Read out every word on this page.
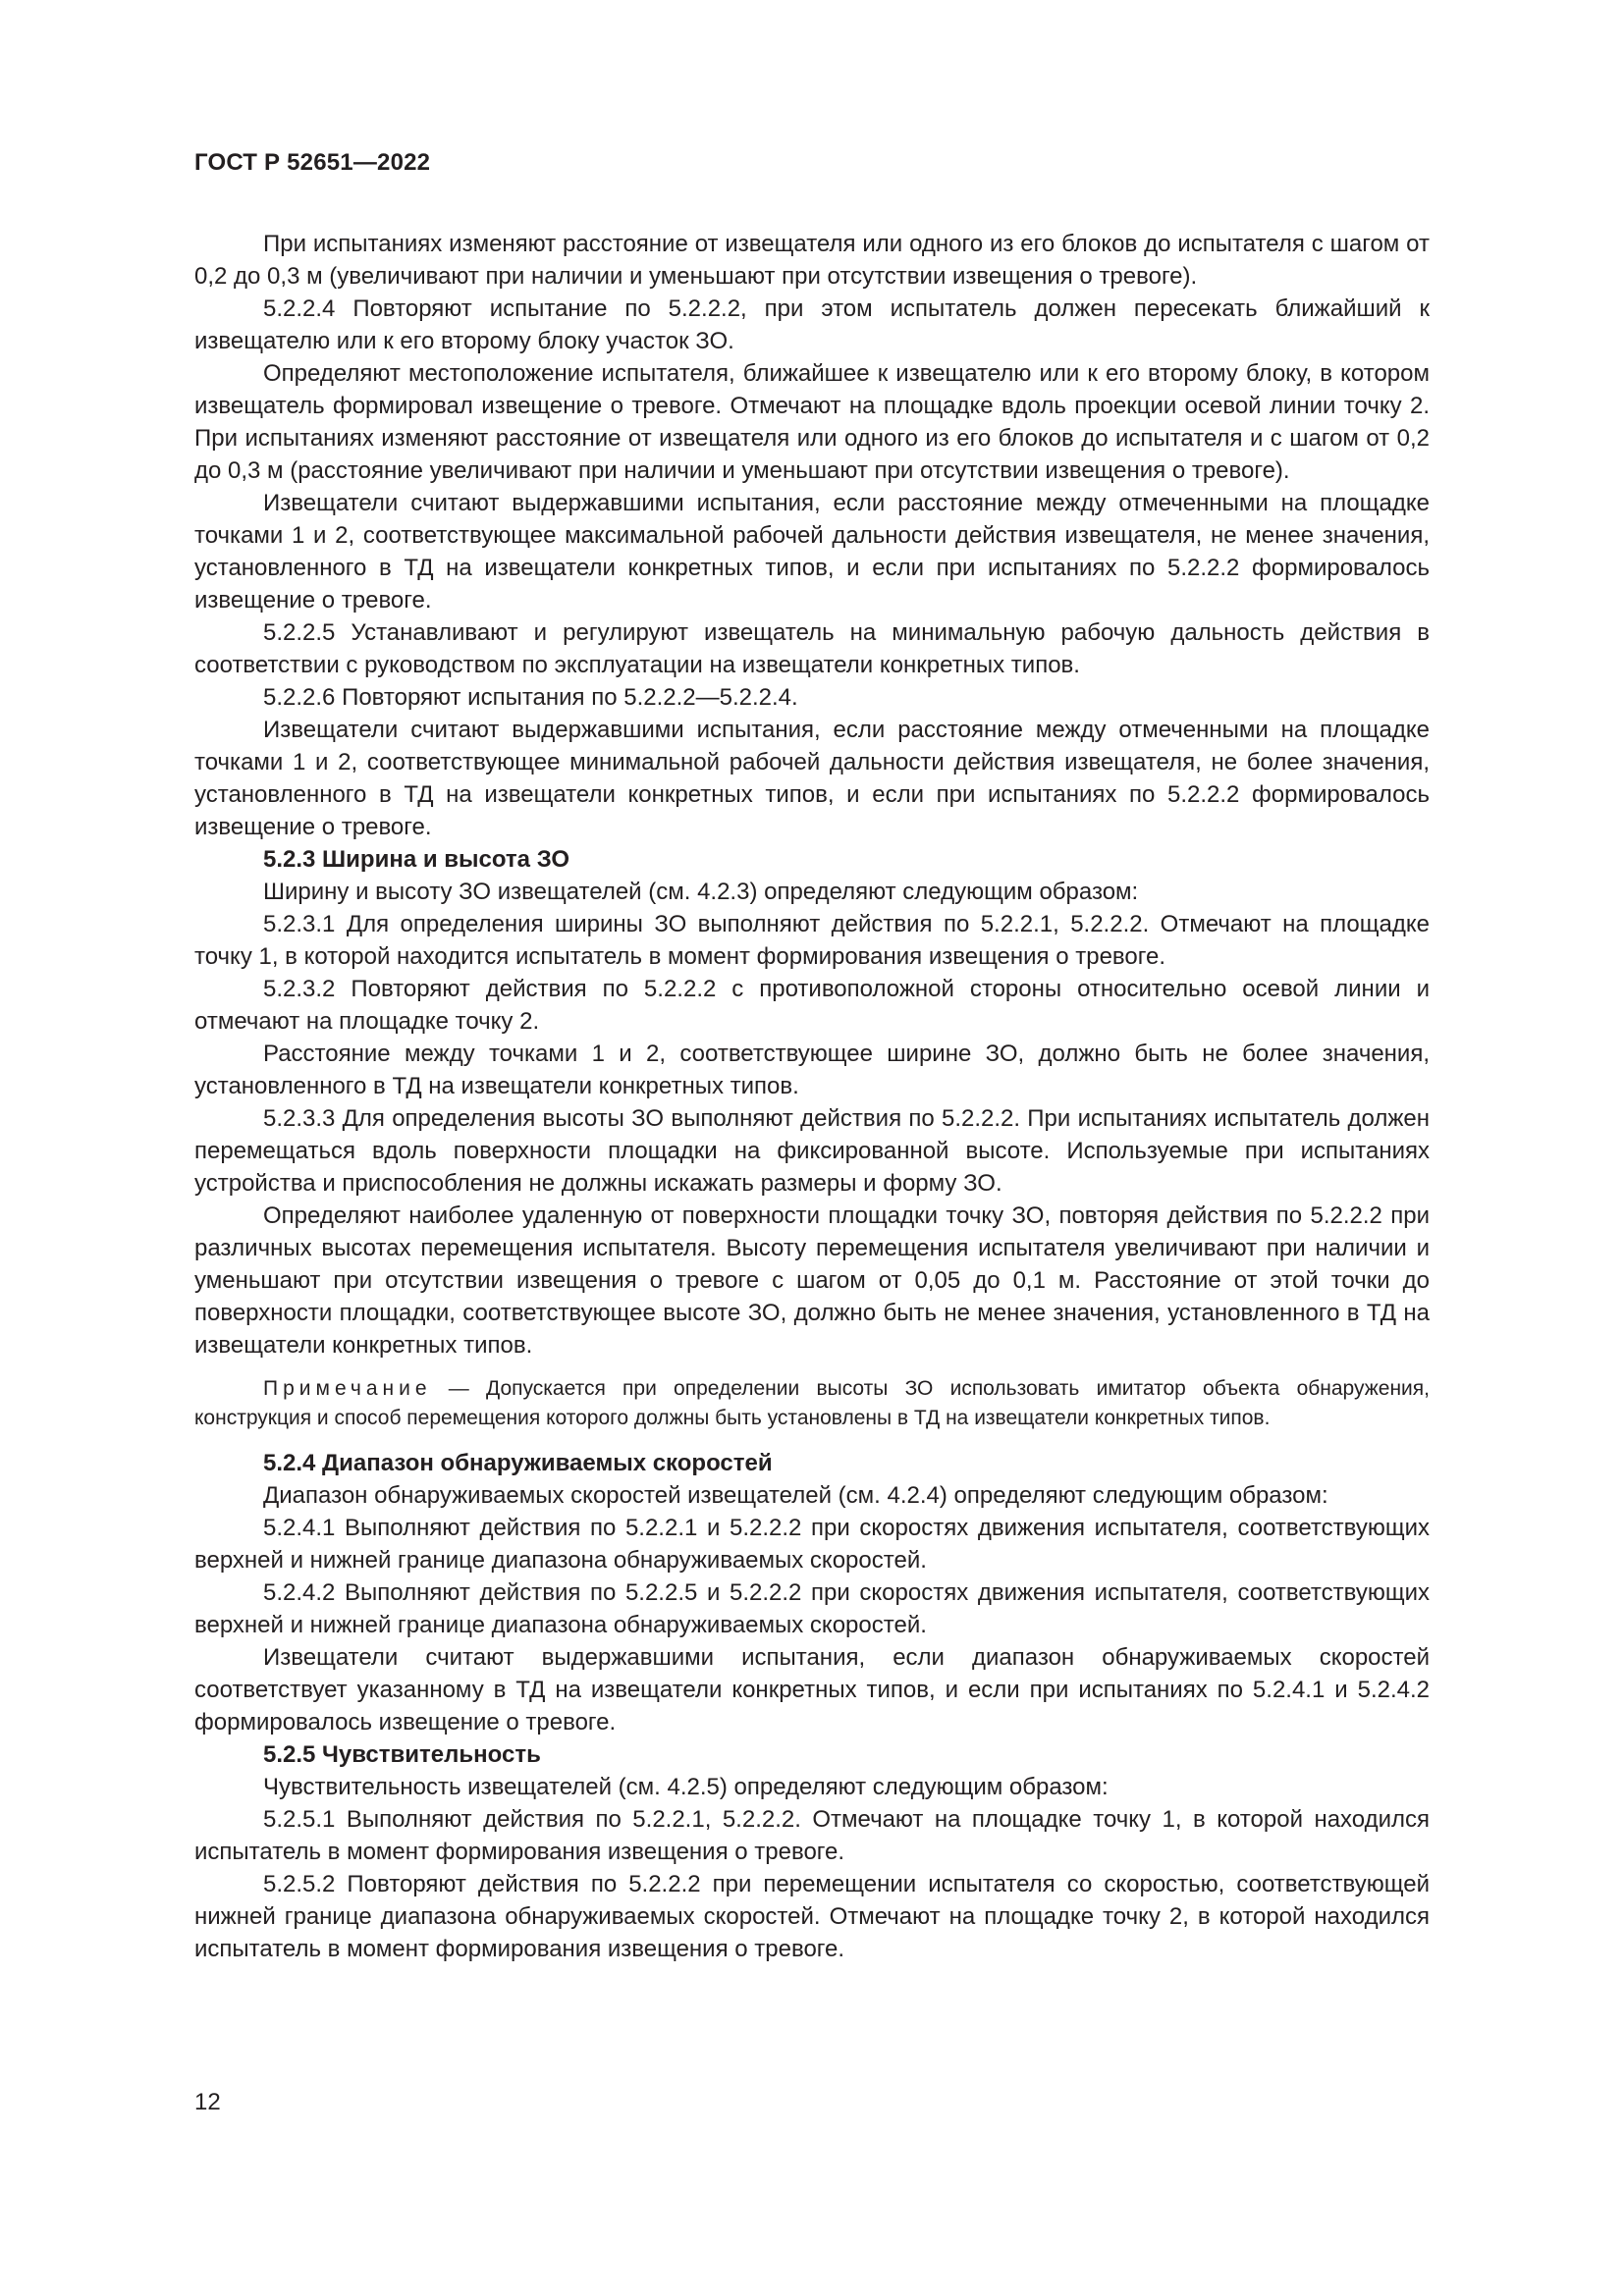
ГОСТ Р 52651—2022

При испытаниях изменяют расстояние от извещателя или одного из его блоков до испытателя с шагом от 0,2 до 0,3 м (увеличивают при наличии и уменьшают при отсутствии извещения о тревоге).

5.2.2.4 Повторяют испытание по 5.2.2.2, при этом испытатель должен пересекать ближайший к извещателю или к его второму блоку участок ЗО.

Определяют местоположение испытателя, ближайшее к извещателю или к его второму блоку, в котором извещатель формировал извещение о тревоге. Отмечают на площадке вдоль проекции осевой линии точку 2. При испытаниях изменяют расстояние от извещателя или одного из его блоков до испытателя и с шагом от 0,2 до 0,3 м (расстояние увеличивают при наличии и уменьшают при отсутствии извещения о тревоге).

Извещатели считают выдержавшими испытания, если расстояние между отмеченными на площадке точками 1 и 2, соответствующее максимальной рабочей дальности действия извещателя, не менее значения, установленного в ТД на извещатели конкретных типов, и если при испытаниях по 5.2.2.2 формировалось извещение о тревоге.

5.2.2.5 Устанавливают и регулируют извещатель на минимальную рабочую дальность действия в соответствии с руководством по эксплуатации на извещатели конкретных типов.

5.2.2.6 Повторяют испытания по 5.2.2.2—5.2.2.4.

Извещатели считают выдержавшими испытания, если расстояние между отмеченными на площадке точками 1 и 2, соответствующее минимальной рабочей дальности действия извещателя, не более значения, установленного в ТД на извещатели конкретных типов, и если при испытаниях по 5.2.2.2 формировалось извещение о тревоге.

5.2.3 Ширина и высота ЗО

Ширину и высоту ЗО извещателей (см. 4.2.3) определяют следующим образом:

5.2.3.1 Для определения ширины ЗО выполняют действия по 5.2.2.1, 5.2.2.2. Отмечают на площадке точку 1, в которой находится испытатель в момент формирования извещения о тревоге.

5.2.3.2 Повторяют действия по 5.2.2.2 с противоположной стороны относительно осевой линии и отмечают на площадке точку 2.

Расстояние между точками 1 и 2, соответствующее ширине ЗО, должно быть не более значения, установленного в ТД на извещатели конкретных типов.

5.2.3.3 Для определения высоты ЗО выполняют действия по 5.2.2.2. При испытаниях испытатель должен перемещаться вдоль поверхности площадки на фиксированной высоте. Используемые при испытаниях устройства и приспособления не должны искажать размеры и форму ЗО.

Определяют наиболее удаленную от поверхности площадки точку ЗО, повторяя действия по 5.2.2.2 при различных высотах перемещения испытателя. Высоту перемещения испытателя увеличивают при наличии и уменьшают при отсутствии извещения о тревоге с шагом от 0,05 до 0,1 м. Расстояние от этой точки до поверхности площадки, соответствующее высоте ЗО, должно быть не менее значения, установленного в ТД на извещатели конкретных типов.

Примечание — Допускается при определении высоты ЗО использовать имитатор объекта обнаружения, конструкция и способ перемещения которого должны быть установлены в ТД на извещатели конкретных типов.

5.2.4 Диапазон обнаруживаемых скоростей

Диапазон обнаруживаемых скоростей извещателей (см. 4.2.4) определяют следующим образом:

5.2.4.1 Выполняют действия по 5.2.2.1 и 5.2.2.2 при скоростях движения испытателя, соответствующих верхней и нижней границе диапазона обнаруживаемых скоростей.

5.2.4.2 Выполняют действия по 5.2.2.5 и 5.2.2.2 при скоростях движения испытателя, соответствующих верхней и нижней границе диапазона обнаруживаемых скоростей.

Извещатели считают выдержавшими испытания, если диапазон обнаруживаемых скоростей соответствует указанному в ТД на извещатели конкретных типов, и если при испытаниях по 5.2.4.1 и 5.2.4.2 формировалось извещение о тревоге.

5.2.5 Чувствительность

Чувствительность извещателей (см. 4.2.5) определяют следующим образом:

5.2.5.1 Выполняют действия по 5.2.2.1, 5.2.2.2. Отмечают на площадке точку 1, в которой находился испытатель в момент формирования извещения о тревоге.

5.2.5.2 Повторяют действия по 5.2.2.2 при перемещении испытателя со скоростью, соответствующей нижней границе диапазона обнаруживаемых скоростей. Отмечают на площадке точку 2, в которой находился испытатель в момент формирования извещения о тревоге.

12
